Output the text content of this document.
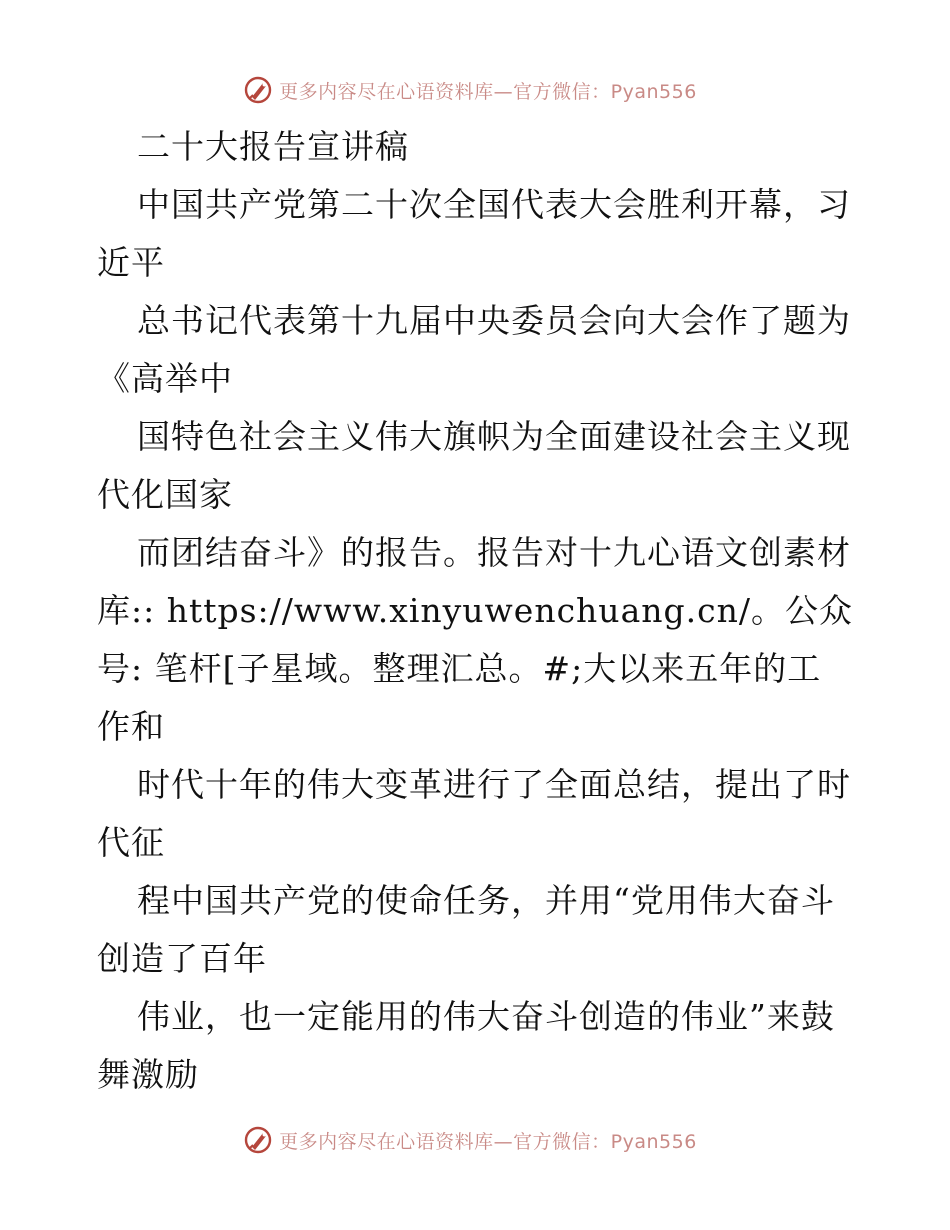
更多内容尽在心语资料库—官方微信：Pyan556
二十大报告宣讲稿
中国共产党第二十次全国代表大会胜利开幕，习
近平
总书记代表第十九届中央委员会向大会作了题为
《高举中
国特色社会主义伟大旗帜为全面建设社会主义现
代化国家
而团结奋斗》的报告。报告对十九心语文创素材
库:: https://www.xinyuwenchuang.cn/。公众
号: 笔杆[子星域。整理汇总。#;大以来五年的工
作和
时代十年的伟大变革进行了全面总结，提出了时
代征
程中国共产党的使命任务，并用“党用伟大奋斗
创造了百年
伟业，也一定能用的伟大奋斗创造的伟业”来鼓
舞激励
更多内容尽在心语资料库—官方微信：Pyan556
